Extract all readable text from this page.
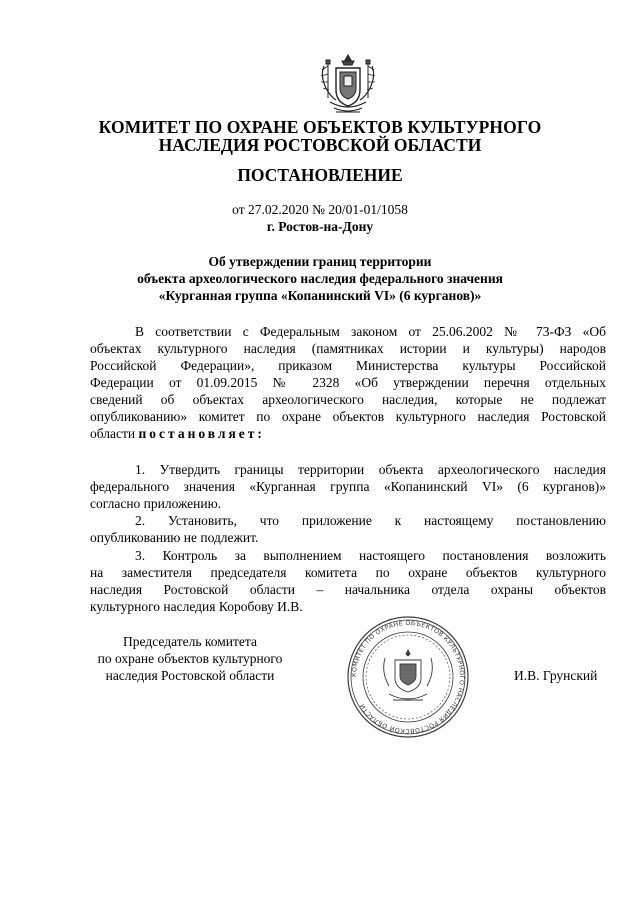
КОМИТЕТ ПО ОХРАНЕ ОБЪЕКТОВ КУЛЬТУРНОГО
НАСЛЕДИЯ РОСТОВСКОЙ ОБЛАСТИ
ПОСТАНОВЛЕНИЕ
от 27.02.2020 № 20/01-01/1058
г. Ростов-на-Дону
Об утверждении границ территории
объекта археологического наследия федерального значения
«Курганная группа «Копанинский VI» (6 курганов)»
В соответствии с Федеральным законом от 25.06.2002 № 73-ФЗ «Об
объектах культурного наследия (памятниках истории и культуры) народов
Российской Федерации», приказом Министерства культуры Российской
Федерации от 01.09.2015 № 2328 «Об утверждении перечня отдельных
сведений об объектах археологического наследия, которые не подлежат
опубликованию» комитет по охране объектов культурного наследия Ростовской
области постановляет:
1. Утвердить границы территории объекта археологического наследия
федерального значения «Курганная группа «Копанинский VI» (6 курганов)»
согласно приложению.
2. Установить, что приложение к настоящему постановлению
опубликованию не подлежит.
3. Контроль за выполнением настоящего постановления возложить
на заместителя председателя комитета по охране объектов культурного
наследия Ростовской области – начальника отдела охраны объектов
культурного наследия Коробову И.В.
КОМИТЕТ ПО ОХРАНЕ ОБЪЕКТОВ КУЛЬТУРНОГО НАСЛЕДИЯ РОСТОВСКОЙ ОБЛАСТИ
Председатель комитета
по охране объектов культурного
наследия Ростовской области	И.В. Грунский
